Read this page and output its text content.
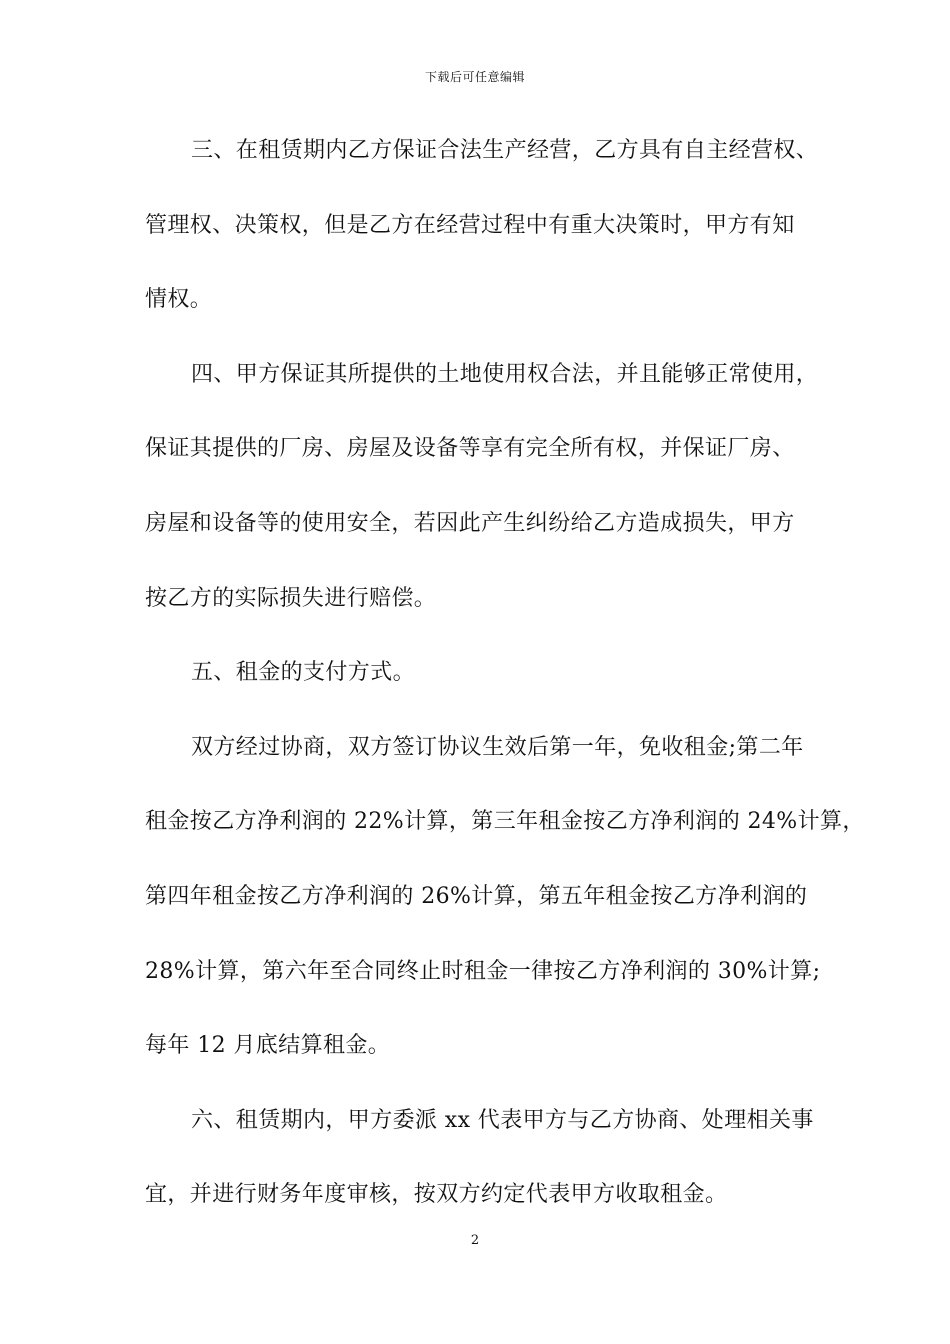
下载后可任意编辑
三、在租赁期内乙方保证合法生产经营，乙方具有自主经营权、
管理权、决策权，但是乙方在经营过程中有重大决策时，甲方有知
情权。
四、甲方保证其所提供的土地使用权合法，并且能够正常使用，
保证其提供的厂房、房屋及设备等享有完全所有权，并保证厂房、
房屋和设备等的使用安全，若因此产生纠纷给乙方造成损失，甲方
按乙方的实际损失进行赔偿。
五、租金的支付方式。
双方经过协商，双方签订协议生效后第一年，免收租金;第二年
租金按乙方净利润的 22%计算，第三年租金按乙方净利润的 24%计算，
第四年租金按乙方净利润的 26%计算，第五年租金按乙方净利润的
28%计算，第六年至合同终止时租金一律按乙方净利润的 30%计算;
每年 12 月底结算租金。
六、租赁期内，甲方委派 xx 代表甲方与乙方协商、处理相关事
宜，并进行财务年度审核，按双方约定代表甲方收取租金。
2
